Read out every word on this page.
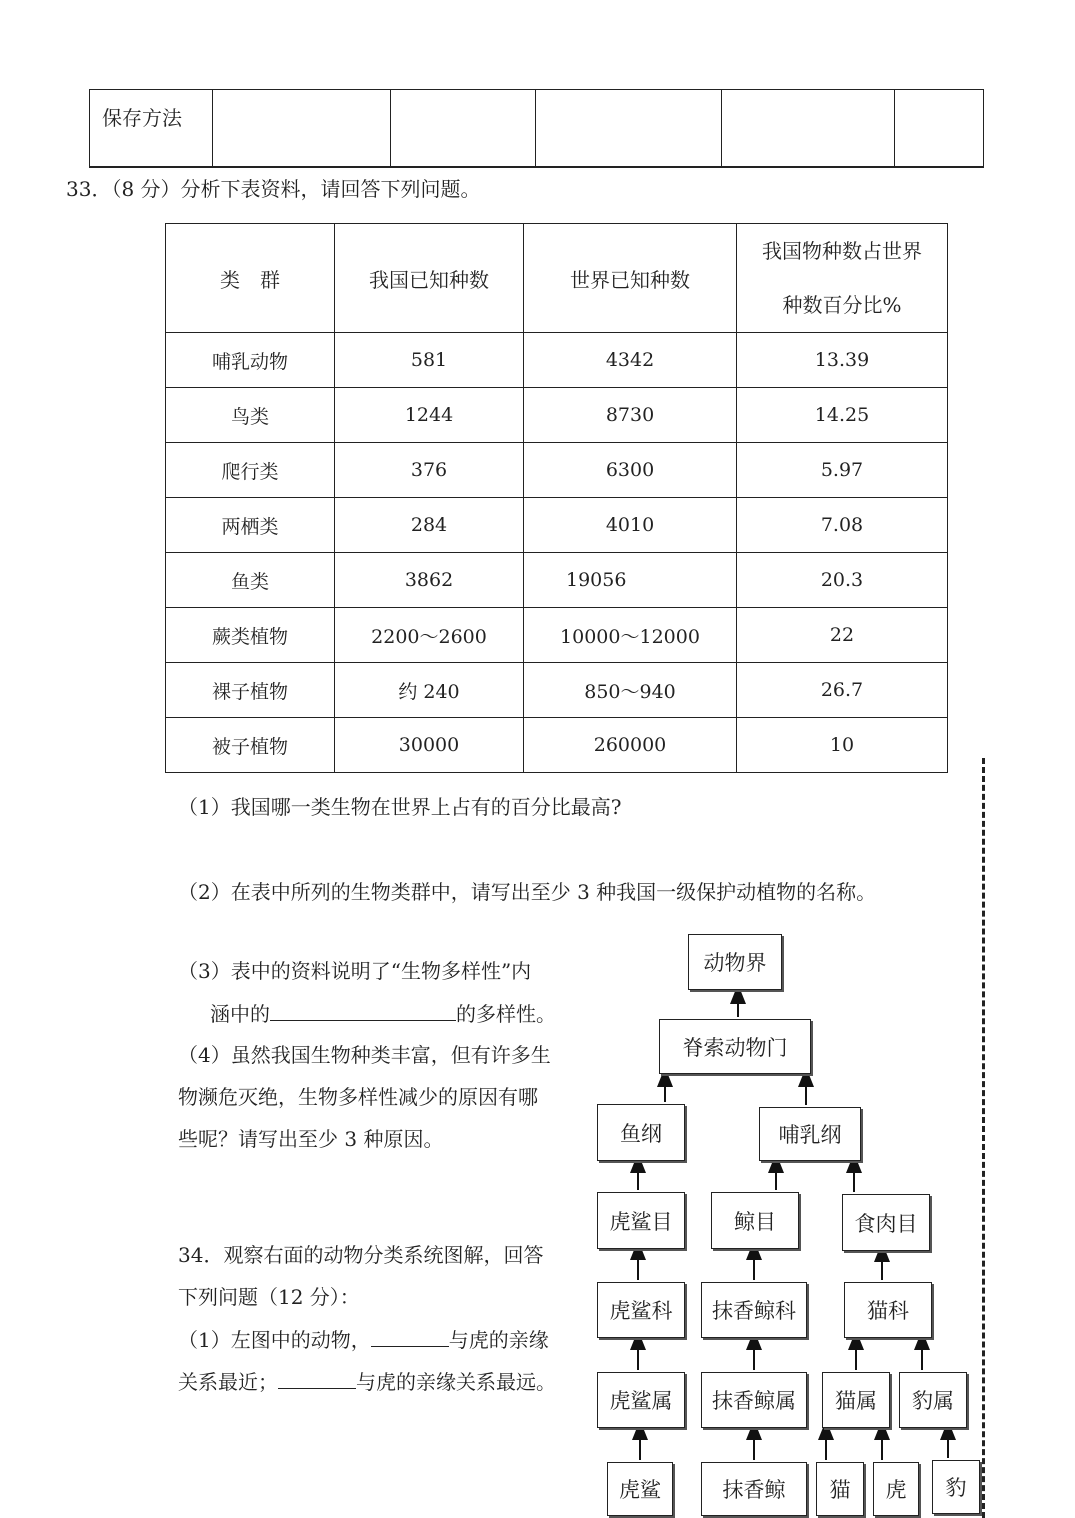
保存方法					
33．（8 分）分析下表资料，请回答下列问题。
类　群	我国已知种数	世界已知种数	我国物种数占世界
种数百分比%

哺乳动物	581	4342	13.39
鸟类	1244	8730	14.25
爬行类	376	6300	5.97
两栖类	284	4010	7.08
鱼类	3862	19056	20.3
蕨类植物	2200～2600	10000～12000	22
裸子植物	约 240	850～940	26.7
被子植物	30000	260000	10
（1）我国哪一类生物在世界上占有的百分比最高?
（2）在表中所列的生物类群中，请写出至少 3 种我国一级保护动植物的名称。
（3）表中的资料说明了“生物多样性”内
涵中的	的多样性。
（4）虽然我国生物种类丰富，但有许多生
物濒危灭绝，生物多样性减少的原因有哪
些呢？请写出至少 3 种原因。
34．观察右面的动物分类系统图解，回答
下列问题（12 分）：
（1）左图中的动物，	与虎的亲缘
关系最近；	与虎的亲缘关系最远。
动物界
脊索动物门
鱼纲	哺乳纲
虎鲨目	鲸目	食肉目
虎鲨科	抹香鲸科	猫科
虎鲨属	抹香鲸属	猫属	豹属
虎鲨	抹香鲸	猫	虎	豹
